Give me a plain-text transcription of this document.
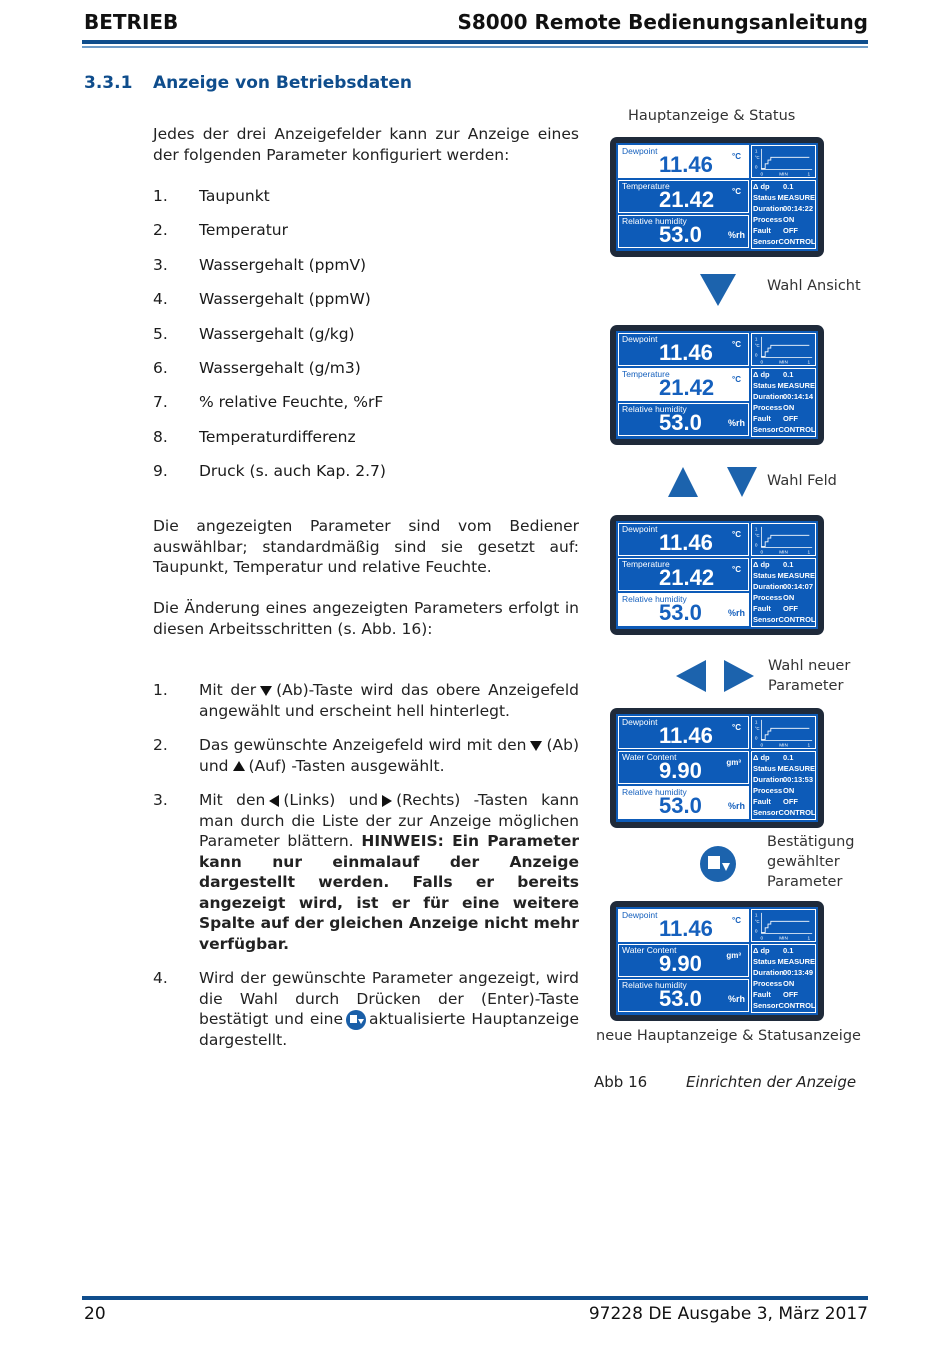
BETRIEB	S8000 Remote Bedienungsanleitung
3.3.1 Anzeige von Betriebsdaten

Jedes der drei Anzeigefelder kann zur Anzeige eines der folgenden Parameter konfiguriert werden:

1. Taupunkt
2. Temperatur
3. Wassergehalt (ppmV)
4. Wassergehalt (ppmW)
5. Wassergehalt (g/kg)
6. Wassergehalt (g/m3)
7. % relative Feuchte, %rF
8. Temperaturdifferenz
9. Druck (s. auch Kap. 2.7)

Die angezeigten Parameter sind vom Bediener auswählbar; standardmäßig sind sie gesetzt auf: Taupunkt, Temperatur und relative Feuchte.

Die Änderung eines angezeigten Parameters erfolgt in diesen Arbeitsschritten (s. Abb. 16):

1. Mit der (Ab)-Taste wird das obere Anzeigefeld angewählt und erscheint hell hinterlegt.
2. Das gewünschte Anzeigefeld wird mit den (Ab) und (Auf) -Tasten ausgewählt.
3. Mit den (Links) und (Rechts) -Tasten kann man durch die Liste der zur Anzeige möglichen Parameter blättern. HINWEIS: Ein Parameter kann nur einmalauf der Anzeige dargestellt werden. Falls er bereits angezeigt wird, ist er für eine weitere Spalte auf der gleichen Anzeige nicht mehr verfügbar.
4. Wird der gewünschte Parameter angezeigt, wird die Wahl durch Drücken der (Enter)-Taste bestätigt und eine aktualisierte Hauptanzeige dargestellt.
Hauptanzeige & Status
Dewpoint
11.46 °C
Temperature
21.42 °C
Relative humidity
53.0	%rh
1
°C
0
0	MIN	1
Δ dp	0.1
Status MEASURE
Duration 00:14:22
Process ON
Fault	OFF
Sensor CONTROL
Dewpoint
11.46 °C
Temperature
21.42 °C
Relative humidity
53.0	%rh
1
°C
0
0	MIN	1
Δ dp	0.1
Status MEASURE
Duration 00:14:14
Process ON
Fault	OFF
Sensor CONTROL
Dewpoint
11.46 °C
Temperature
21.42 °C
Relative humidity
53.0	%rh
1
°C
0
0	MIN	1
Δ dp	0.1
Status MEASURE
Duration 00:14:07
Process ON
Fault	OFF
Sensor CONTROL
Dewpoint
11.46 °C
Water Content
9.90	gm³
Relative humidity
53.0	%rh
1
°C
0
0	MIN	1
Δ dp	0.1
Status MEASURE
Duration 00:13:53
Process ON
Fault	OFF
Sensor CONTROL
Dewpoint
11.46 °C
Water Content
9.90	gm³
Relative humidity
53.0	%rh
1
°C
0
0	MIN	1
Δ dp	0.1
Status MEASURE
Duration 00:13:49
Process ON
Fault	OFF
Sensor CONTROL
Wahl Ansicht
Wahl Feld
Wahl neuer
Parameter
Bestätigung
gewählter
Parameter
neue Hauptanzeige & Statusanzeige
Abb 16	Einrichten der Anzeige
20	97228 DE Ausgabe 3, März 2017
